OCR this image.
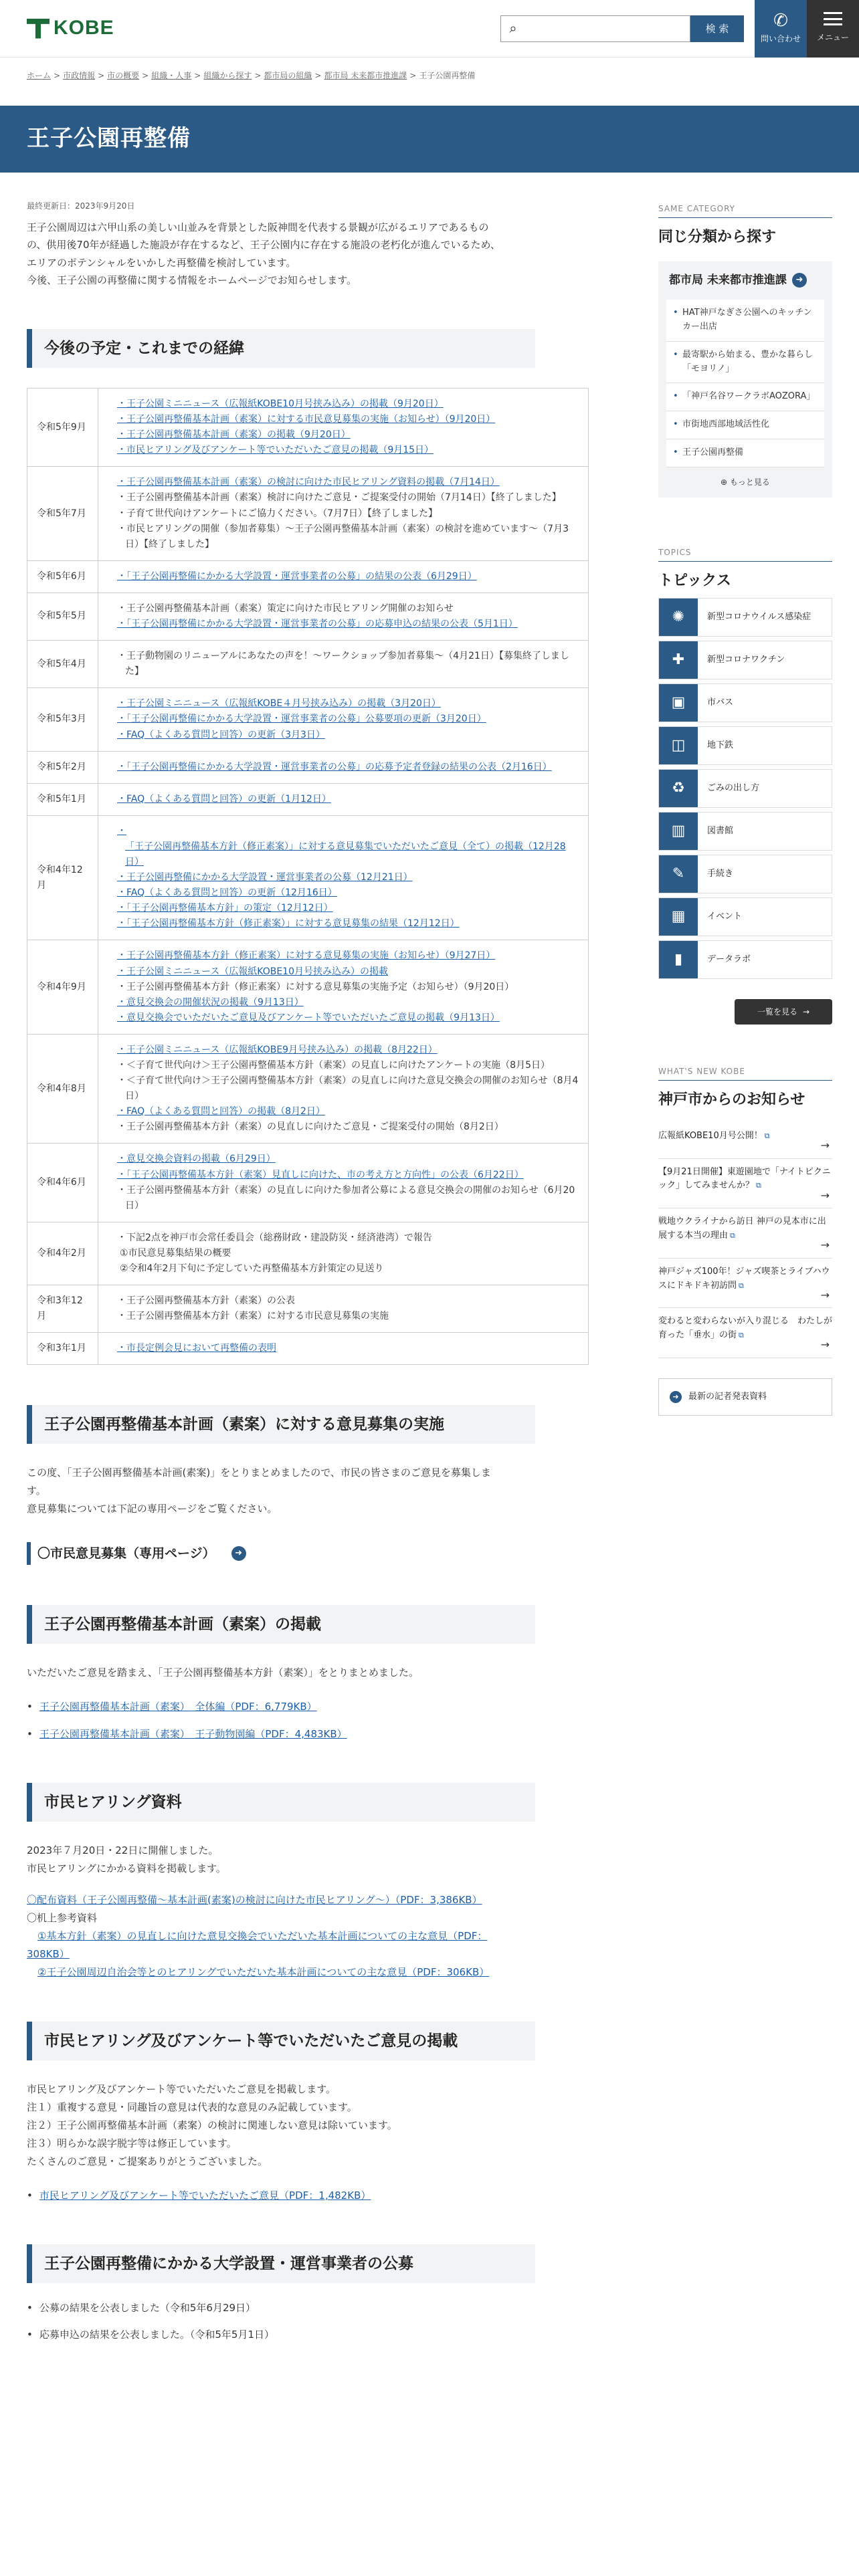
KOBE	⌕	検 索	✆
問い合わせ メニュー
ホーム > 市政情報 > 市の概要 > 組織・人事 > 組織から探す > 都市局の組織 > 都市局 未来都市推進課 > 王子公園再整備
王子公園再整備
最終更新日：2023年9月20日
王子公園周辺は六甲山系の美しい山並みを背景とした阪神間を代表する景観が広がるエリアであるもの
の、供用後70年が経過した施設が存在するなど、王子公園内に存在する施設の老朽化が進んでいるため、
エリアのポテンシャルをいかした再整備を検討しています。
今後、王子公園の再整備に関する情報をホームページでお知らせします。
今後の予定・これまでの経緯
令和5年9月	・ 王子公園ミニニュース（広報紙KOBE10月号挟み込み）の掲載（9月20日）
・ 王子公園再整備基本計画（素案）に対する市民意見募集の実施（お知らせ）（9月20日）
・ 王子公園再整備基本計画（素案）の掲載（9月20日）
・ 市民ヒアリング及びアンケート等でいただいたご意見の掲載（9月15日）

令和5年7月	・ 王子公園再整備基本計画（素案）の検討に向けた市民ヒアリング資料の掲載（7月14日）
・ 王子公園再整備基本計画（素案）検討に向けたご意見・ご提案受付の開始（7月14日）【終了しました】
・ 子育て世代向けアンケートにご協力ください。（7月7日）【終了しました】
・ 市民ヒアリングの開催（参加者募集）～王子公園再整備基本計画（素案）の検討を進めています～（7月3日）【終了しました】

令和5年6月	・ 「王子公園再整備にかかる大学設置・運営事業者の公募」の結果の公表（6月29日）

令和5年5月	・ 王子公園再整備基本計画（素案）策定に向けた市民ヒアリング開催のお知らせ
・ 「王子公園再整備にかかる大学設置・運営事業者の公募」の応募申込の結果の公表（5月1日）

令和5年4月	・ 王子動物園のリニューアルにあなたの声を！～ワークショップ参加者募集～（4月21日）【募集終了しました】

令和5年3月	・ 王子公園ミニニュース（広報紙KOBE４月号挟み込み）の掲載（3月20日）
・ 「王子公園再整備にかかる大学設置・運営事業者の公募」公募要項の更新（3月20日）
・ FAQ（よくある質問と回答）の更新（3月3日）

令和5年2月	・ 「王子公園再整備にかかる大学設置・運営事業者の公募」の応募予定者登録の結果の公表（2月16日）

令和5年1月	・ FAQ（よくある質問と回答）の更新（1月12日）

令和4年12月	・ 「王子公園再整備基本方針（修正素案）」に対する意見募集でいただいたご意見（全て）の掲載（12月28日）
・ 王子公園再整備にかかる大学設置・運営事業者の公募（12月21日）
・ FAQ（よくある質問と回答）の更新（12月16日）
・ 「王子公園再整備基本方針」の策定（12月12日）
・ 「王子公園再整備基本方針（修正素案）」に対する意見募集の結果（12月12日）

令和4年9月	・ 王子公園再整備基本方針（修正素案）に対する意見募集の実施（お知らせ）（9月27日）
・ 王子公園ミニニュース（広報紙KOBE10月号挟み込み）の掲載
・ 王子公園再整備基本方針（修正素案）に対する意見募集の実施予定（お知らせ）（9月20日）
・ 意見交換会の開催状況の掲載（9月13日）
・ 意見交換会でいただいたご意見及びアンケート等でいただいたご意見の掲載（9月13日）

令和4年8月	・ 王子公園ミニニュース（広報紙KOBE9月号挟み込み）の掲載（8月22日）
・ ＜子育て世代向け＞王子公園再整備基本方針（素案）の見直しに向けたアンケートの実施（8月5日）
・ ＜子育て世代向け＞王子公園再整備基本方針（素案）の見直しに向けた意見交換会の開催のお知らせ（8月4日）
・ FAQ（よくある質問と回答）の掲載（8月2日）
・ 王子公園再整備基本方針（素案）の見直しに向けたご意見・ご提案受付の開始（8月2日）

令和4年6月	・ 意見交換会資料の掲載（6月29日）
・ 「王子公園再整備基本方針（素案）見直しに向けた、市の考え方と方向性」の公表（6月22日）
・ 王子公園再整備基本方針（素案）の見直しに向けた参加者公募による意見交換会の開催のお知らせ（6月20日）

令和4年2月	・ 下記2点を神戸市会常任委員会（総務財政・建設防災・経済港湾）で報告
①市民意見募集結果の概要
②令和4年2月下旬に予定していた再整備基本方針策定の見送り

令和3年12月	・ 王子公園再整備基本方針（素案）の公表
・ 王子公園再整備基本方針（素案）に対する市民意見募集の実施

令和3年1月	・ 市長定例会見において再整備の表明
王子公園再整備基本計画（素案）に対する意見募集の実施
この度、「王子公園再整備基本計画(素案)」をとりまとめましたので、市民の皆さまのご意見を募集しま
す。
意見募集については下記の専用ページをご覧ください。
〇市民意見募集（専用ページ）	➜
王子公園再整備基本計画（素案）の掲載
いただいたご意見を踏まえ、「王子公園再整備基本方針（素案）」をとりまとめました。
• 王子公園再整備基本計画（素案）　全体編（PDF：6,779KB）
• 王子公園再整備基本計画（素案）　王子動物園編（PDF：4,483KB）
市民ヒアリング資料
2023年７月20日・22日に開催しました。
市民ヒアリングにかかる資料を掲載します。
〇配布資料（王子公園再整備～基本計画(素案)の検討に向けた市民ヒアリング～）（PDF：3,386KB）
〇机上参考資料
①基本方針（素案）の見直しに向けた意見交換会でいただいた基本計画についての主な意見（PDF：
308KB）
②王子公園周辺自治会等とのヒアリングでいただいた基本計画についての主な意見（PDF：306KB）
市民ヒアリング及びアンケート等でいただいたご意見の掲載
市民ヒアリング及びアンケート等でいただいたご意見を掲載します。
注１）重複する意見・同趣旨の意見は代表的な意見のみ記載しています。
注２）王子公園再整備基本計画（素案）の検討に関連しない意見は除いています。
注３）明らかな誤字脱字等は修正しています。
たくさんのご意見・ご提案ありがとうございました。

• 市民ヒアリング及びアンケート等でいただいたご意見（PDF：1,482KB）
王子公園再整備にかかる大学設置・運営事業者の公募
• 公募の結果を公表しました（令和5年6月29日）
• 応募申込の結果を公表しました。（令和5年5月1日）
SAME CATEGORY
同じ分類から探す
都市局 未来都市推進課	➜
• HAT神戸なぎさ公園へのキッチンカー出店
• 最寄駅から始まる、豊かな暮らし「モヨリノ」
• 「神戸名谷ワークラボAOZORA」
• 市街地西部地域活性化
• 王子公園再整備
⊕ もっと見る
TOPICS
トピックス
✺	新型コロナウイルス感染症
✚	新型コロナワクチン
▣	市バス
◫	地下鉄
♻	ごみの出し方
▥	図書館
✎	手続き
▦	イベント
▮	データラボ
一覧を見る →
WHAT'S NEW KOBE
神戸市からのお知らせ
広報紙KOBE10月号公開！ ⧉
→
【9月21日開催】東遊園地で「ナイトピクニック」してみませんか？ ⧉
→
戦地ウクライナから訪日 神戸の見本市に出展する本当の理由 ⧉
→
神戸ジャズ100年！ジャズ喫茶とライブハウスにドキドキ初訪問 ⧉
→
変わると変わらないが入り混じる　わたしが育った「垂水」の街 ⧉
→
➜	最新の記者発表資料
